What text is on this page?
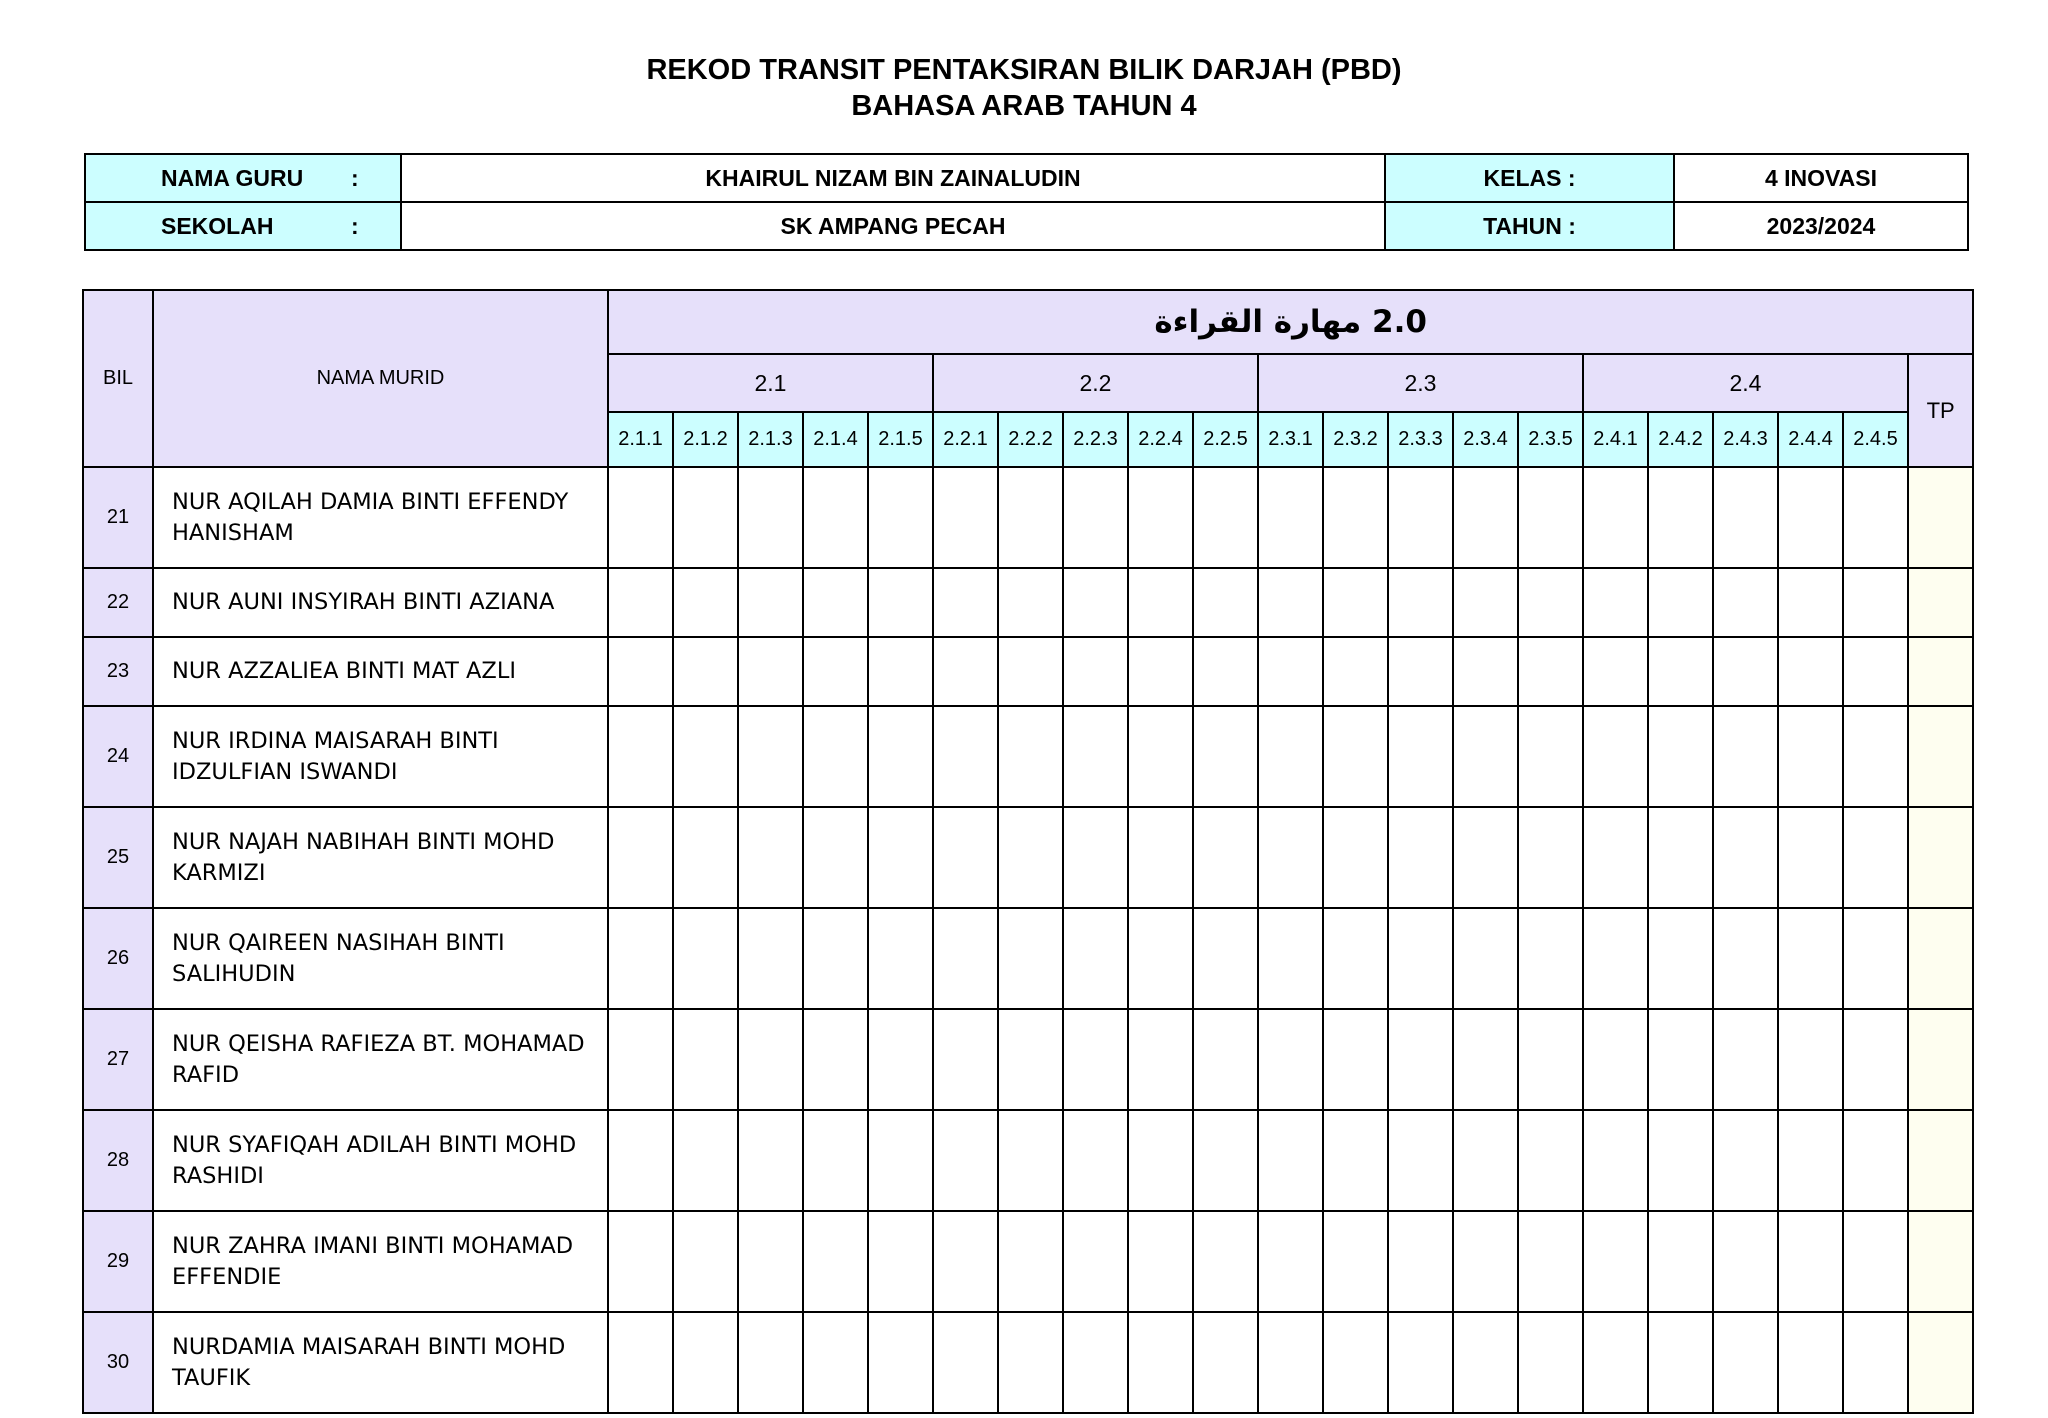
REKOD TRANSIT PENTAKSIRAN BILIK DARJAH (PBD)
BAHASA ARAB TAHUN 4
NAMA GURU :	KHAIRUL NIZAM BIN ZAINALUDIN	KELAS :	4 INOVASI
SEKOLAH :	SK AMPANG PECAH	TAHUN :	2023/2024
BIL	NAMA MURID	2.0 مهارة القراءة																				
		2.1					2.2					2.3					2.4					TP
		2.1.1	2.1.2	2.1.3	2.1.4	2.1.5	2.2.1	2.2.2	2.2.3	2.2.4	2.2.5	2.3.1	2.3.2	2.3.3	2.3.4	2.3.5	2.4.1	2.4.2	2.4.3	2.4.4	2.4.5	
21	NUR AQILAH DAMIA BINTI EFFENDY HANISHAM																					
22	NUR AUNI INSYIRAH BINTI AZIANA																					
23	NUR AZZALIEA BINTI MAT AZLI																					
24	NUR IRDINA MAISARAH BINTI IDZULFIAN ISWANDI																					
25	NUR NAJAH NABIHAH BINTI MOHD KARMIZI																					
26	NUR QAIREEN NASIHAH BINTI SALIHUDIN																					
27	NUR QEISHA RAFIEZA BT. MOHAMAD RAFID																					
28	NUR SYAFIQAH ADILAH BINTI MOHD RASHIDI																					
29	NUR ZAHRA IMANI BINTI MOHAMAD EFFENDIE																					
30	NURDAMIA MAISARAH BINTI MOHD TAUFIK																					
